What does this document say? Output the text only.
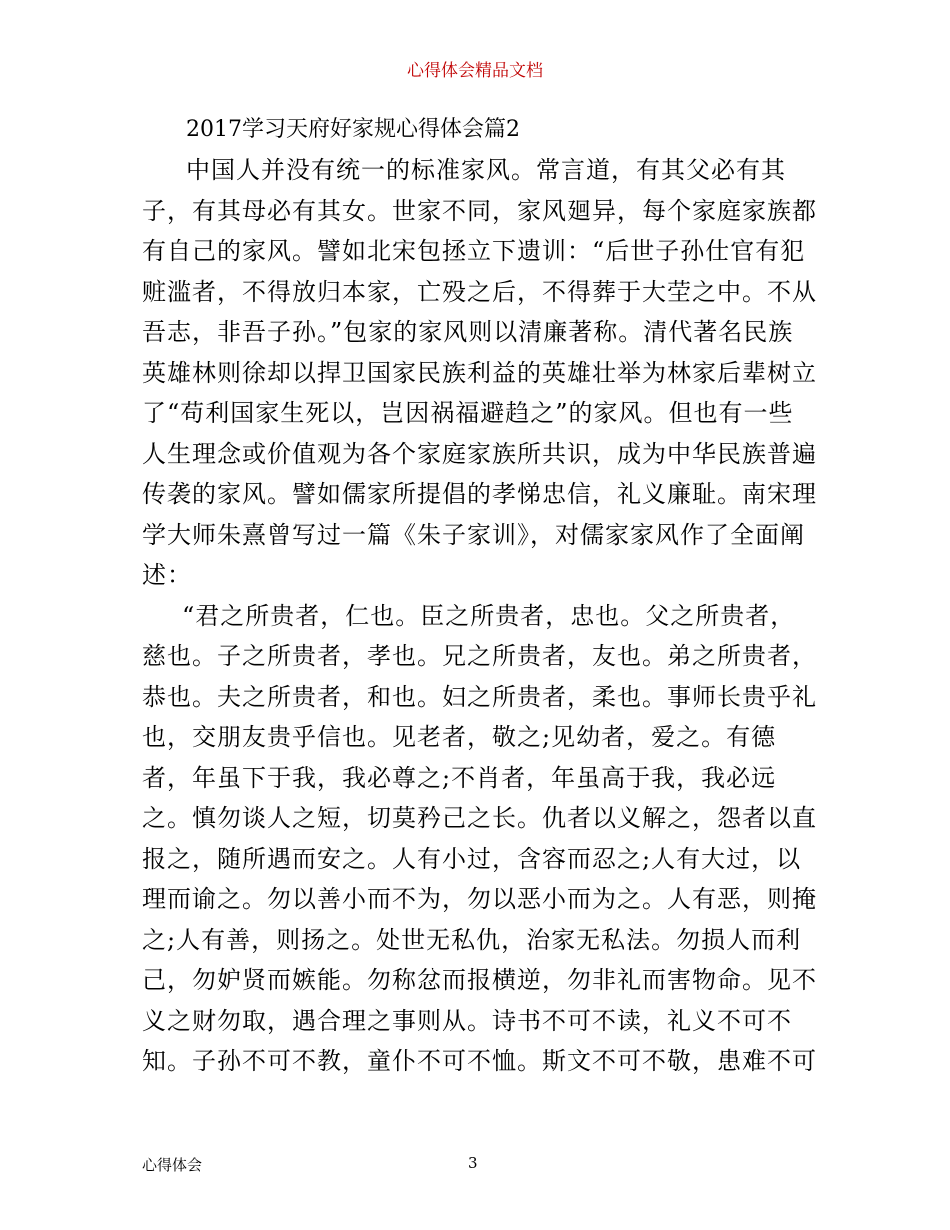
心得体会精品文档
2017学习天府好家规心得体会篇2
中国人并没有统一的标准家风。常言道，有其父必有其
子，有其母必有其女。世家不同，家风廻异，每个家庭家族都
有自己的家风。譬如北宋包拯立下遗训：“后世子孙仕官有犯
赃滥者，不得放归本家，亡殁之后，不得葬于大茔之中。不从
吾志，非吾子孙。”包家的家风则以清廉著称。清代著名民族
英雄林则徐却以捍卫国家民族利益的英雄壮举为林家后辈树立
了“苟利国家生死以，岂因祸福避趋之”的家风。但也有一些
人生理念或价值观为各个家庭家族所共识，成为中华民族普遍
传袭的家风。譬如儒家所提倡的孝悌忠信，礼义廉耻。南宋理
学大师朱熹曾写过一篇《朱子家训》，对儒家家风作了全面阐
述：
“君之所贵者，仁也。臣之所贵者，忠也。父之所贵者，
慈也。子之所贵者，孝也。兄之所贵者，友也。弟之所贵者，
恭也。夫之所贵者，和也。妇之所贵者，柔也。事师长贵乎礼
也，交朋友贵乎信也。见老者，敬之;见幼者，爱之。有德
者，年虽下于我，我必尊之;不肖者，年虽高于我，我必远
之。慎勿谈人之短，切莫矜己之长。仇者以义解之，怨者以直
报之，随所遇而安之。人有小过，含容而忍之;人有大过，以
理而谕之。勿以善小而不为，勿以恶小而为之。人有恶，则掩
之;人有善，则扬之。处世无私仇，治家无私法。勿损人而利
己，勿妒贤而嫉能。勿称忿而报横逆，勿非礼而害物命。见不
义之财勿取，遇合理之事则从。诗书不可不读，礼义不可不
知。子孙不可不教，童仆不可不恤。斯文不可不敬，患难不可
心得体会	3
